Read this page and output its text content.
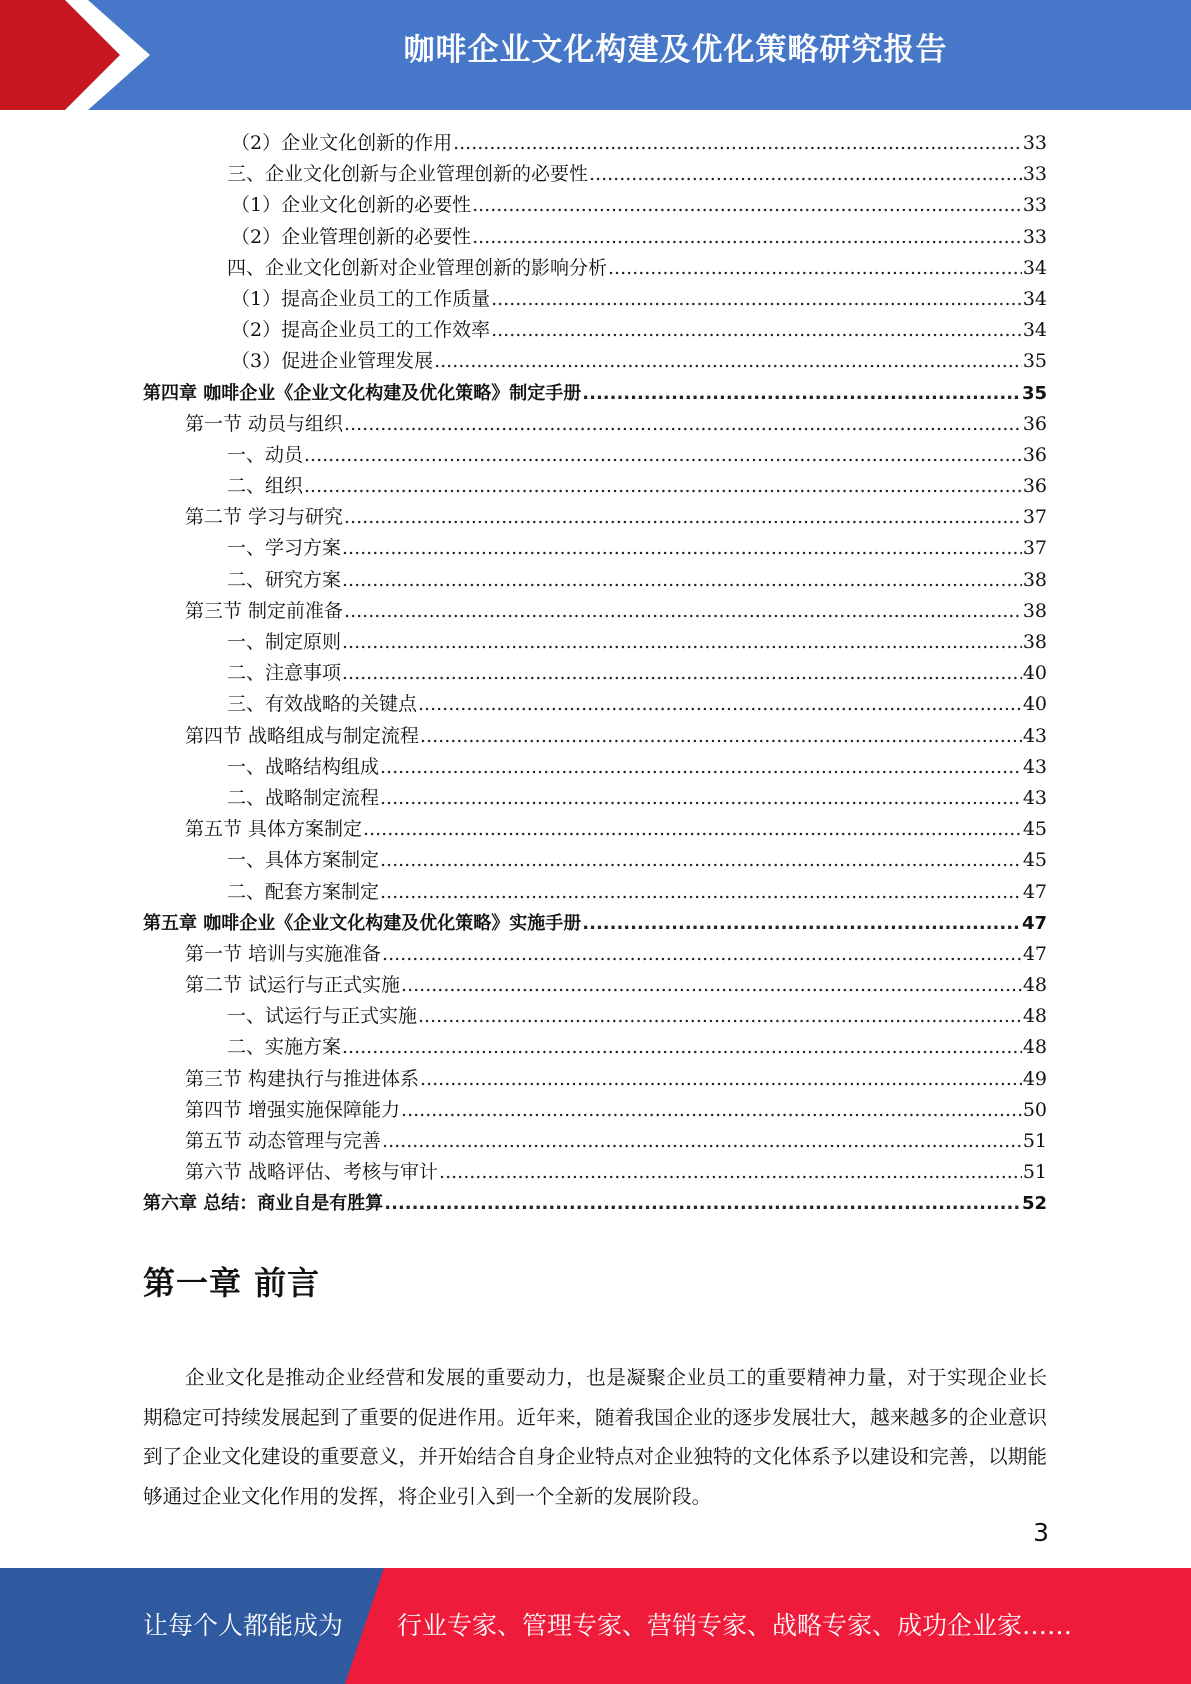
咖啡企业文化构建及优化策略研究报告
（2）企业文化创新的作用 .....	33
三、企业文化创新与企业管理创新的必要性 .....	33
（1）企业文化创新的必要性 .....	33
（2）企业管理创新的必要性 .....	33
四、企业文化创新对企业管理创新的影响分析 .....	34
（1）提高企业员工的工作质量 .....	34
（2）提高企业员工的工作效率 .....	34
（3）促进企业管理发展 .....	35
第四章 咖啡企业《企业文化构建及优化策略》制定手册 .....	35
第一节 动员与组织 .....	36
一、动员 .....	36
二、组织 .....	36
第二节 学习与研究 .....	37
一、学习方案 .....	37
二、研究方案 .....	38
第三节 制定前准备 .....	38
一、制定原则 .....	38
二、注意事项 .....	40
三、有效战略的关键点 .....	40
第四节 战略组成与制定流程 .....	43
一、战略结构组成 .....	43
二、战略制定流程 .....	43
第五节 具体方案制定 .....	45
一、具体方案制定 .....	45
二、配套方案制定 .....	47
第五章 咖啡企业《企业文化构建及优化策略》实施手册 .....	47
第一节 培训与实施准备 .....	47
第二节 试运行与正式实施 .....	48
一、试运行与正式实施 .....	48
二、实施方案 .....	48
第三节 构建执行与推进体系 .....	49
第四节 增强实施保障能力 .....	50
第五节 动态管理与完善 .....	51
第六节 战略评估、考核与审计 .....	51
第六章 总结：商业自是有胜算 .....	52
第一章 前言

企业文化是推动企业经营和发展的重要动力，也是凝聚企业员工的重要精神力量，对于实现企业长期稳定可持续发展起到了重要的促进作用。近年来，随着我国企业的逐步发展壮大，越来越多的企业意识到了企业文化建设的重要意义，并开始结合自身企业特点对企业独特的文化体系予以建设和完善，以期能够通过企业文化作用的发挥，将企业引入到一个全新的发展阶段。

3
让每个人都能成为 行业专家、管理专家、营销专家、战略专家、成功企业家……
